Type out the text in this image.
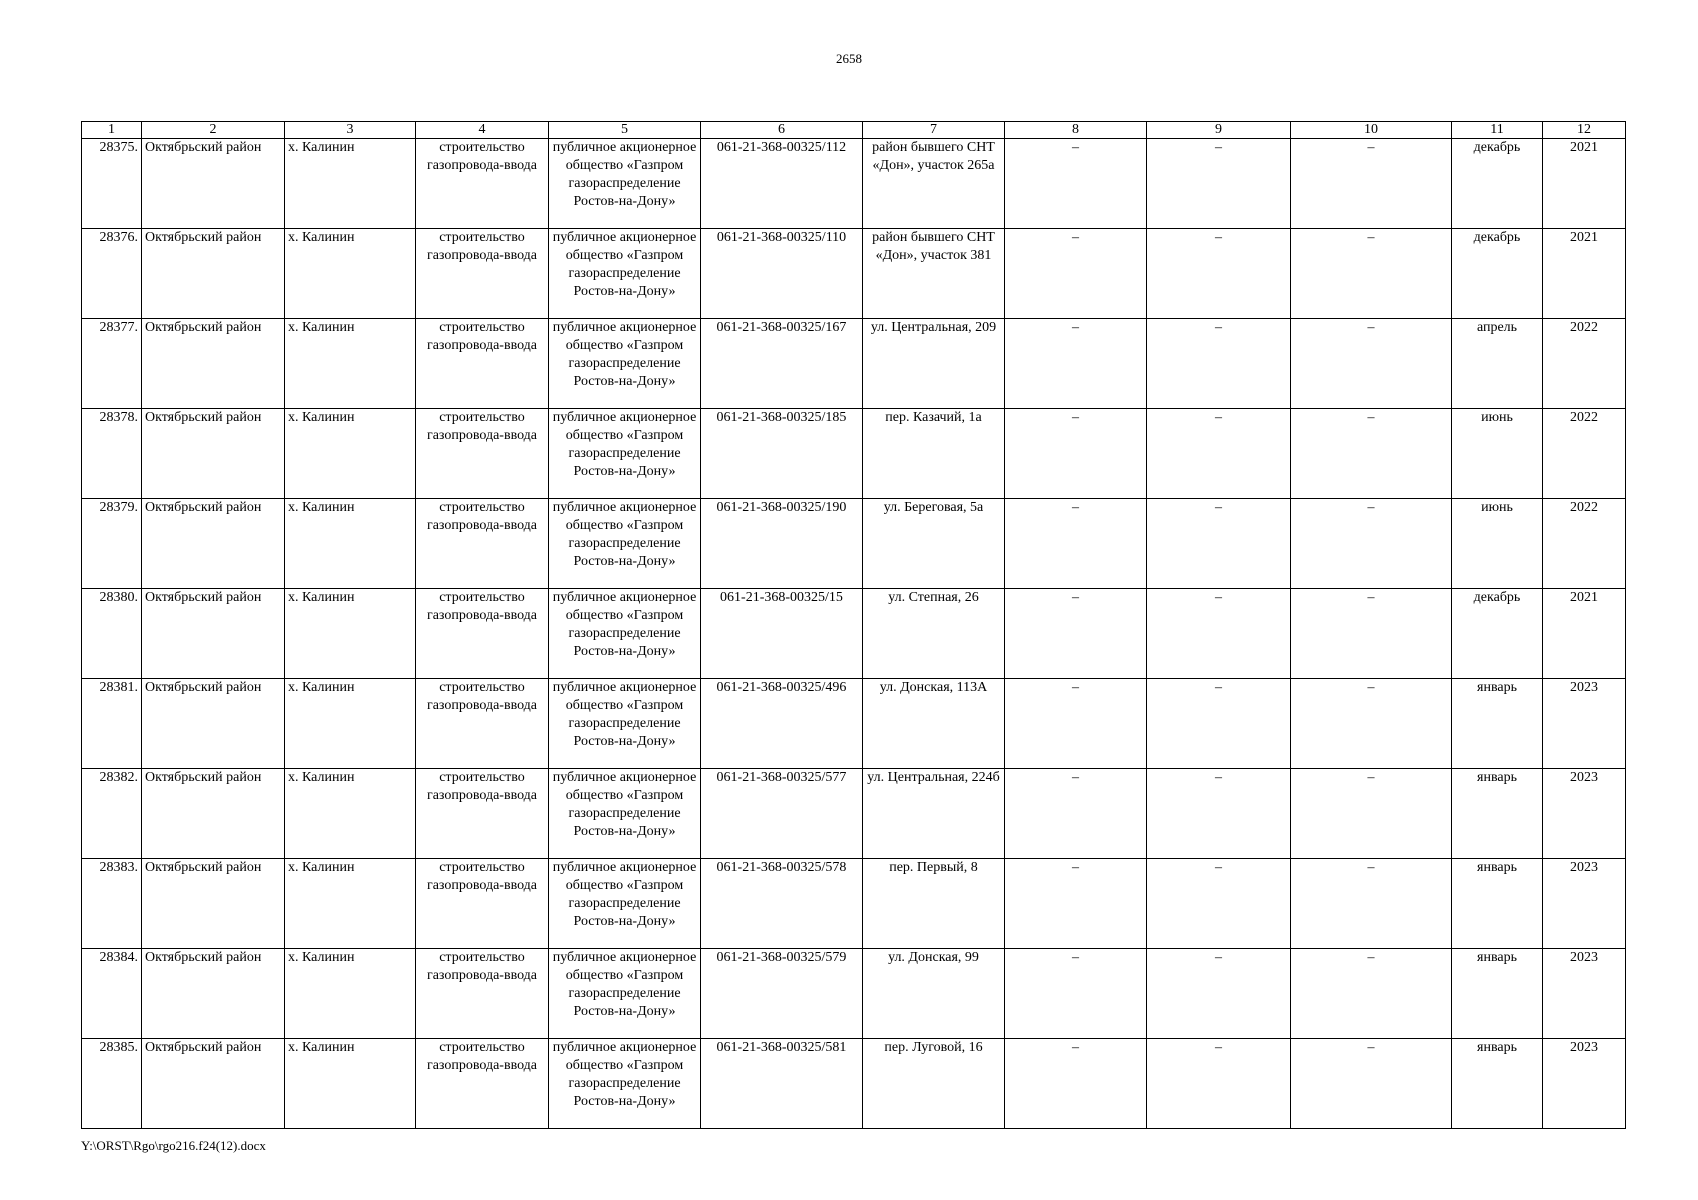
2658
1	2	3	4	5	6	7	8	9	10	11	12
28375.	Октябрьский район	х. Калинин	строительство газопровода-ввода	публичное акционерное общество «Газпром газораспределение Ростов-на-Дону»	061-21-368-00325/112	район бывшего СНТ «Дон», участок 265а	–	–	–	декабрь	2021
28376.	Октябрьский район	х. Калинин	строительство газопровода-ввода	публичное акционерное общество «Газпром газораспределение Ростов-на-Дону»	061-21-368-00325/110	район бывшего СНТ «Дон», участок 381	–	–	–	декабрь	2021
28377.	Октябрьский район	х. Калинин	строительство газопровода-ввода	публичное акционерное общество «Газпром газораспределение Ростов-на-Дону»	061-21-368-00325/167	ул. Центральная, 209	–	–	–	апрель	2022
28378.	Октябрьский район	х. Калинин	строительство газопровода-ввода	публичное акционерное общество «Газпром газораспределение Ростов-на-Дону»	061-21-368-00325/185	пер. Казачий, 1а	–	–	–	июнь	2022
28379.	Октябрьский район	х. Калинин	строительство газопровода-ввода	публичное акционерное общество «Газпром газораспределение Ростов-на-Дону»	061-21-368-00325/190	ул. Береговая, 5а	–	–	–	июнь	2022
28380.	Октябрьский район	х. Калинин	строительство газопровода-ввода	публичное акционерное общество «Газпром газораспределение Ростов-на-Дону»	061-21-368-00325/15	ул. Степная, 26	–	–	–	декабрь	2021
28381.	Октябрьский район	х. Калинин	строительство газопровода-ввода	публичное акционерное общество «Газпром газораспределение Ростов-на-Дону»	061-21-368-00325/496	ул. Донская, 113А	–	–	–	январь	2023
28382.	Октябрьский район	х. Калинин	строительство газопровода-ввода	публичное акционерное общество «Газпром газораспределение Ростов-на-Дону»	061-21-368-00325/577	ул. Центральная, 224б	–	–	–	январь	2023
28383.	Октябрьский район	х. Калинин	строительство газопровода-ввода	публичное акционерное общество «Газпром газораспределение Ростов-на-Дону»	061-21-368-00325/578	пер. Первый, 8	–	–	–	январь	2023
28384.	Октябрьский район	х. Калинин	строительство газопровода-ввода	публичное акционерное общество «Газпром газораспределение Ростов-на-Дону»	061-21-368-00325/579	ул. Донская, 99	–	–	–	январь	2023
28385.	Октябрьский район	х. Калинин	строительство газопровода-ввода	публичное акционерное общество «Газпром газораспределение Ростов-на-Дону»	061-21-368-00325/581	пер. Луговой, 16	–	–	–	январь	2023
Y:\ORST\Rgo\rgo216.f24(12).docx
